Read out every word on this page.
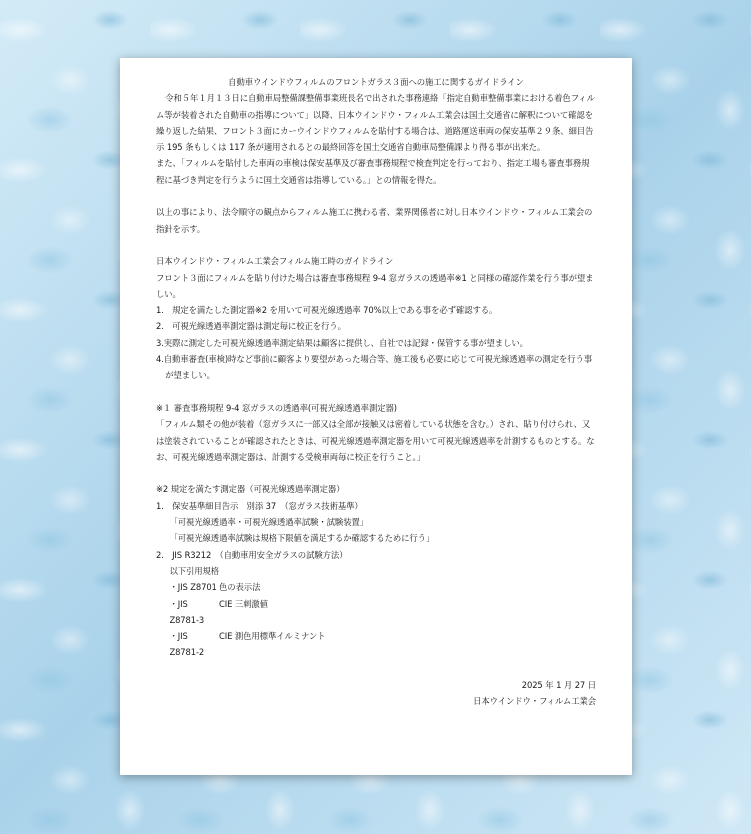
自動車ウインドウフィルムのフロントガラス３面への施工に関するガイドライン

令和５年１月１３日に自動車局整備課整備事業班長名で出された事務連絡「指定自動車整備事業における着色フィルム等が装着された自動車の指導について」以降、日本ウインドウ・フィルム工業会は国土交通省に解釈について確認を繰り返した結果、フロント３面にカーウインドウフィルムを貼付する場合は、道路運送車両の保安基準２９条、細目告示 195 条もしくは 117 条が適用されるとの最終回答を国土交通省自動車局整備課より得る事が出来た。

また、「フィルムを貼付した車両の車検は保安基準及び審査事務規程で検査判定を行っており、指定工場も審査事務規程に基づき判定を行うように国土交通省は指導している。」との情報を得た。

以上の事により、法令順守の観点からフィルム施工に携わる者、業界関係者に対し日本ウインドウ・フィルム工業会の指針を示す。

日本ウインドウ・フィルム工業会フィルム施工時のガイドライン

フロント３面にフィルムを貼り付けた場合は審査事務規程 9-4 窓ガラスの透過率※1 と同様の確認作業を行う事が望ましい。

1.　規定を満たした測定器※2 を用いて可視光線透過率 70%以上である事を必ず確認する。

2.　可視光線透過率測定器は測定毎に校正を行う。

3.実際に測定した可視光線透過率測定結果は顧客に提供し、自社では記録・保管する事が望ましい。

4.自動車審査(車検)時など事前に顧客より要望があった場合等、施工後も必要に応じて可視光線透過率の測定を行う事が望ましい。

※１ 審査事務規程 9-4 窓ガラスの透過率(可視光線透過率測定器)

「フィルム類その他が装着（窓ガラスに一部又は全部が接触又は密着している状態を含む。）され、貼り付けられ、又は塗装されていることが確認されたときは、可視光線透過率測定器を用いて可視光線透過率を計測するものとする。なお、可視光線透過率測定器は、計測する受検車両毎に校正を行うこと。」

※2 規定を満たす測定器（可視光線透過率測定器）

1.　保安基準細目告示　別添 37　（窓ガラス技術基準）

「可視光線透過率・可視光線透過率試験・試験装置」

「可視光線透過率試験は規格下限値を満足するか確認するために行う」

2.　JIS R3212　（自動車用安全ガラスの試験方法）

以下引用規格

・JIS Z8701 色の表示法
・JIS Z8781-3
CIE 三刺激値
・JIS Z8781-2
CIE 測色用標準イルミナント

2025 年 1 月 27 日

日本ウインドウ・フィルム工業会
